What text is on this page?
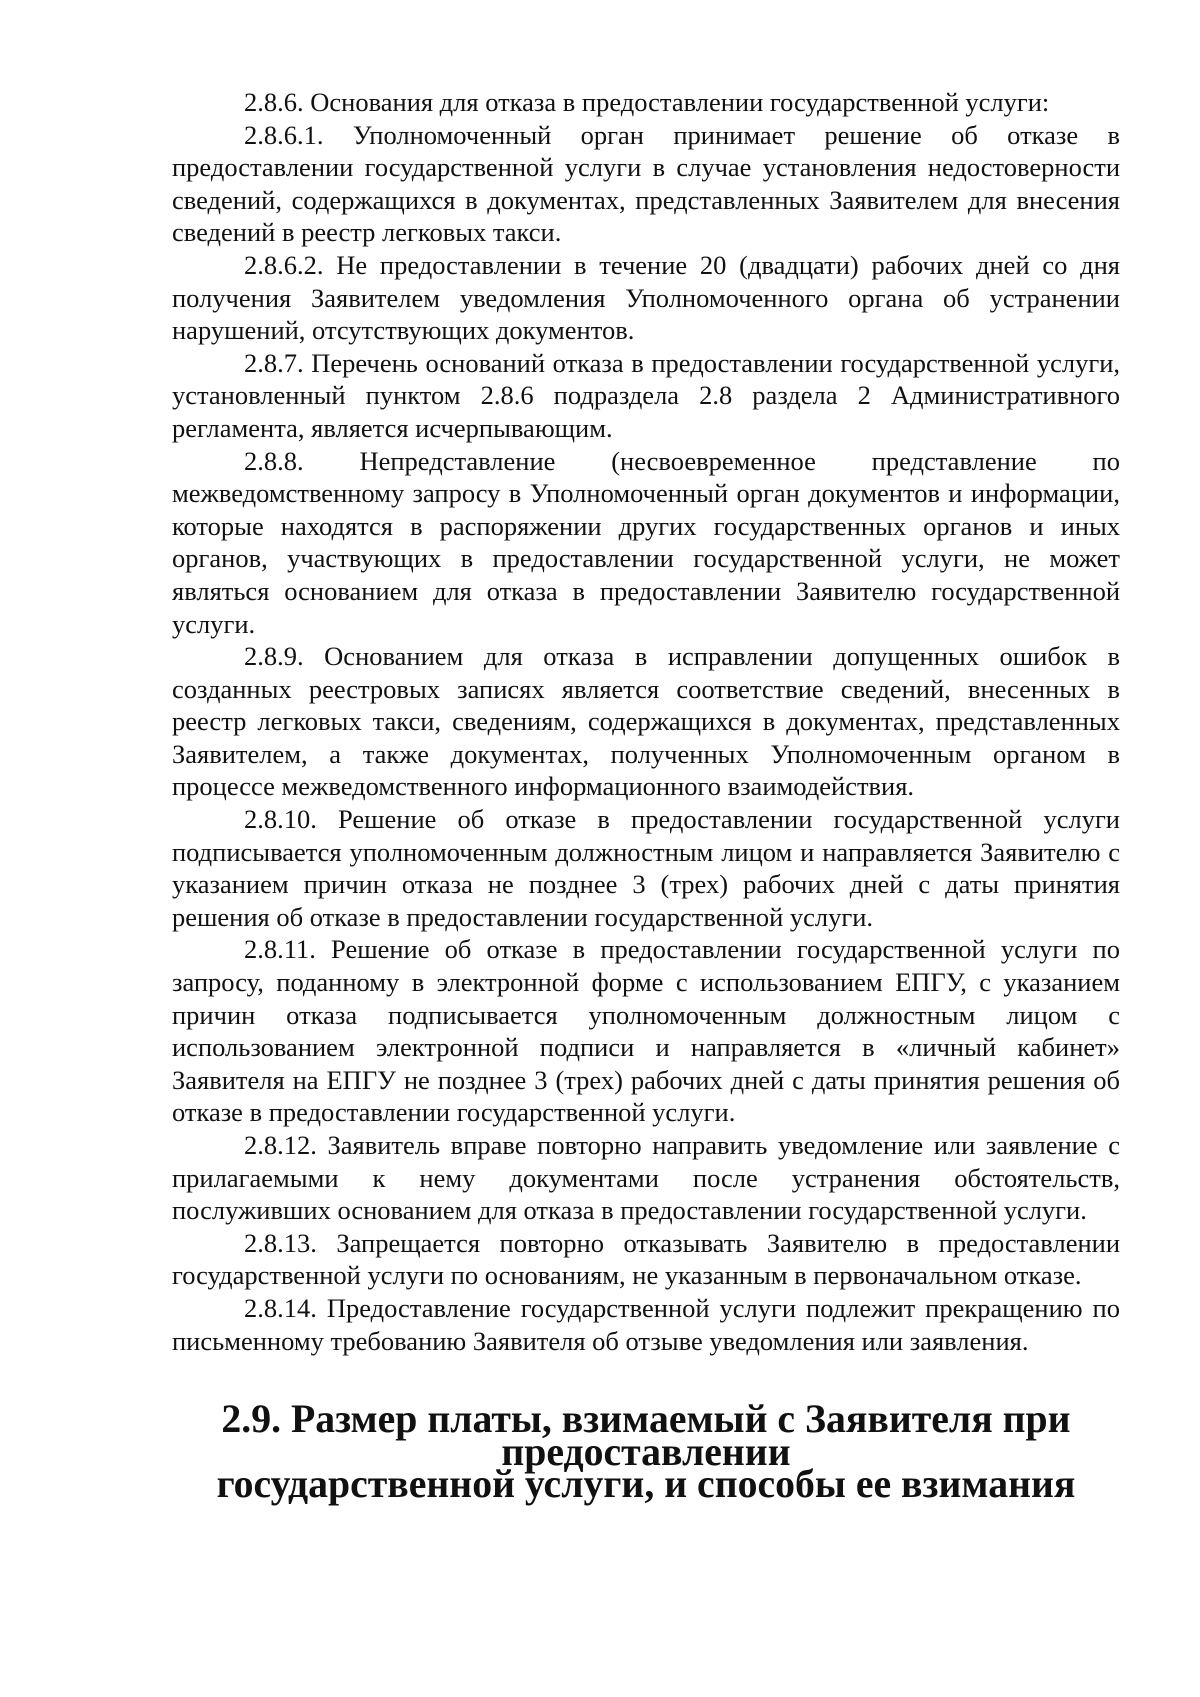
2.8.6. Основания для отказа в предоставлении государственной услуги:

2.8.6.1. Уполномоченный орган принимает решение об отказе в предоставлении государственной услуги в случае установления недостоверности сведений, содержащихся в документах, представленных Заявителем для внесения сведений в реестр легковых такси.

2.8.6.2. Не предоставлении в течение 20 (двадцати) рабочих дней со дня получения Заявителем уведомления Уполномоченного органа об устранении нарушений, отсутствующих документов.

2.8.7. Перечень оснований отказа в предоставлении государственной услуги, установленный пунктом 2.8.6 подраздела 2.8 раздела 2 Административного регламента, является исчерпывающим.

2.8.8. Непредставление (несвоевременное представление по межведомственному запросу в Уполномоченный орган документов и информации, которые находятся в распоряжении других государственных органов и иных органов, участвующих в предоставлении государственной услуги, не может являться основанием для отказа в предоставлении Заявителю государственной услуги.

2.8.9. Основанием для отказа в исправлении допущенных ошибок в созданных реестровых записях является соответствие сведений, внесенных в реестр легковых такси, сведениям, содержащихся в документах, представленных Заявителем, а также документах, полученных Уполномоченным органом в процессе межведомственного информационного взаимодействия.

2.8.10. Решение об отказе в предоставлении государственной услуги подписывается уполномоченным должностным лицом и направляется Заявителю с указанием причин отказа не позднее 3 (трех) рабочих дней с даты принятия решения об отказе в предоставлении государственной услуги.

2.8.11. Решение об отказе в предоставлении государственной услуги по запросу, поданному в электронной форме с использованием ЕПГУ, с указанием причин отказа подписывается уполномоченным должностным лицом с использованием электронной подписи и направляется в «личный кабинет» Заявителя на ЕПГУ не позднее 3 (трех) рабочих дней с даты принятия решения об отказе в предоставлении государственной услуги.

2.8.12. Заявитель вправе повторно направить уведомление или заявление с прилагаемыми к нему документами после устранения обстоятельств, послуживших основанием для отказа в предоставлении государственной услуги.

2.8.13. Запрещается повторно отказывать Заявителю в предоставлении государственной услуги по основаниям, не указанным в первоначальном отказе.

2.8.14. Предоставление государственной услуги подлежит прекращению по письменному требованию Заявителя об отзыве уведомления или заявления.

2.9. Размер платы, взимаемый с Заявителя при предоставлении
государственной услуги, и способы ее взимания
